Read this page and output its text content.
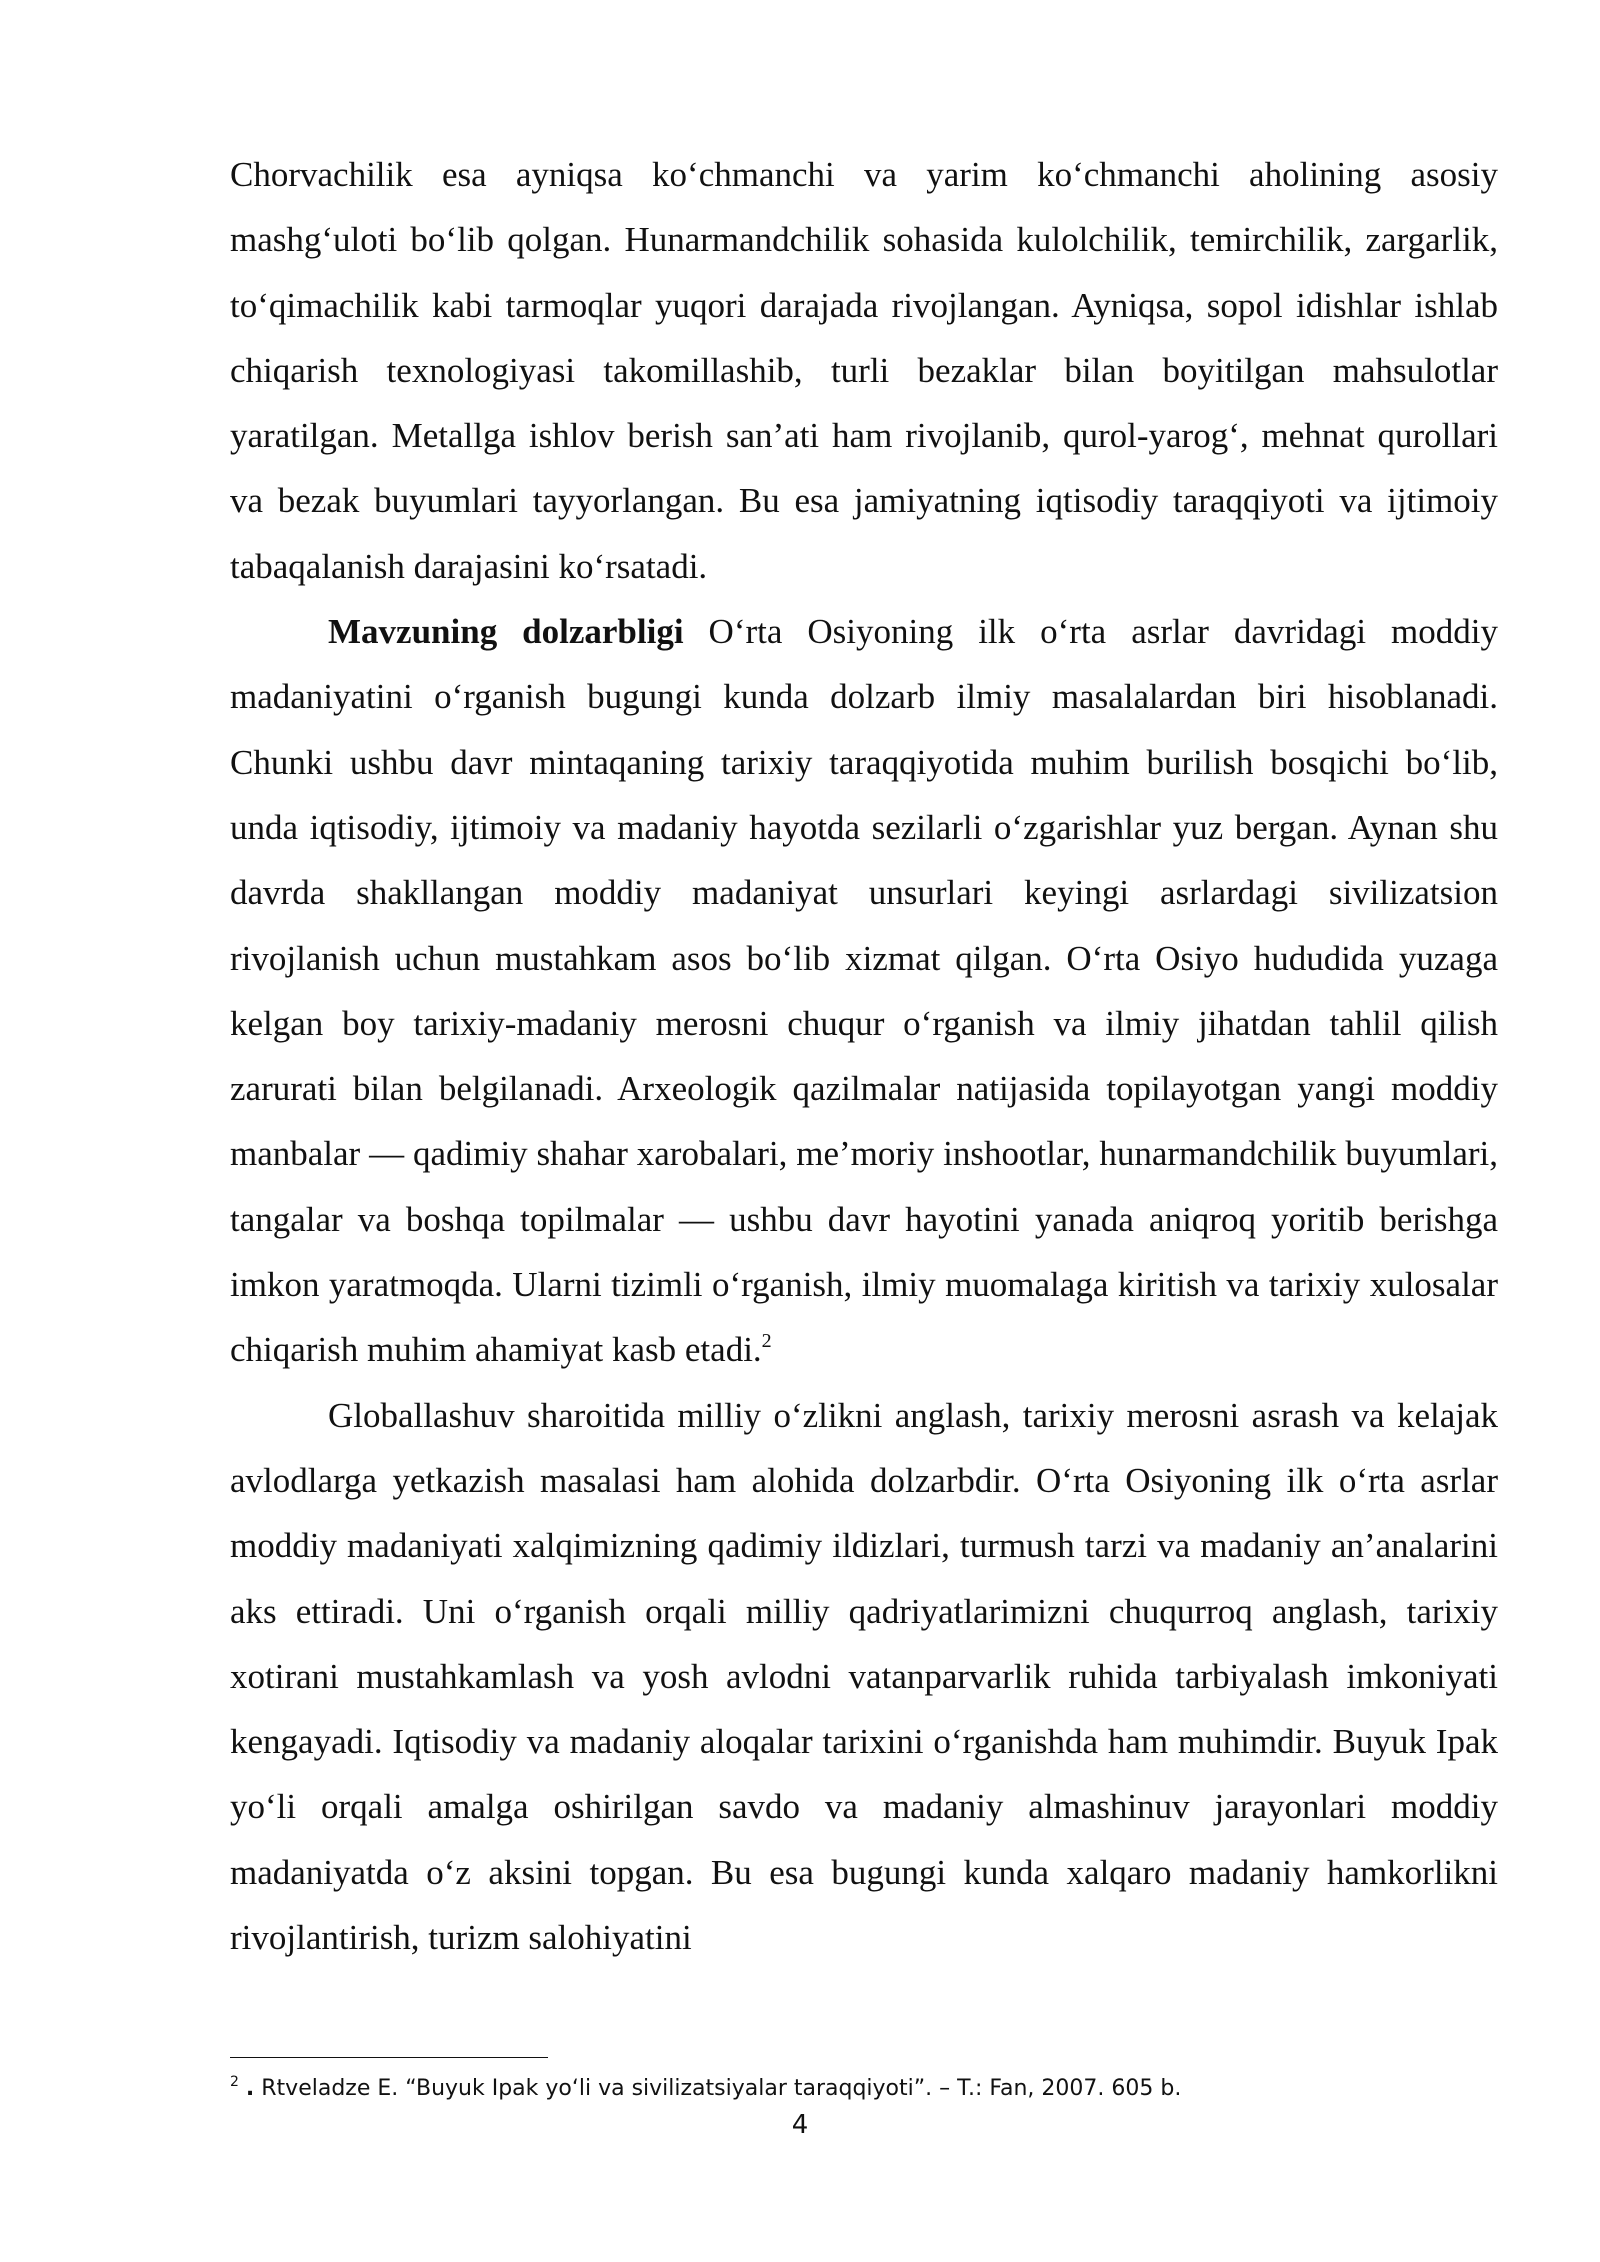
Chorvachilik esa ayniqsa ko‘chmanchi va yarim ko‘chmanchi aholining asosiy mashg‘uloti bo‘lib qolgan. Hunarmandchilik sohasida kulolchilik, temirchilik, zargarlik, to‘qimachilik kabi tarmoqlar yuqori darajada rivojlangan. Ayniqsa, sopol idishlar ishlab chiqarish texnologiyasi takomillashib, turli bezaklar bilan boyitilgan mahsulotlar yaratilgan. Metallga ishlov berish san’ati ham rivojlanib, qurol-yarog‘, mehnat qurollari va bezak buyumlari tayyorlangan. Bu esa jamiyatning iqtisodiy taraqqiyoti va ijtimoiy tabaqalanish darajasini ko‘rsatadi.

Mavzuning dolzarbligi O‘rta Osiyoning ilk o‘rta asrlar davridagi moddiy madaniyatini o‘rganish bugungi kunda dolzarb ilmiy masalalardan biri hisoblanadi. Chunki ushbu davr mintaqaning tarixiy taraqqiyotida muhim burilish bosqichi bo‘lib, unda iqtisodiy, ijtimoiy va madaniy hayotda sezilarli o‘zgarishlar yuz bergan. Aynan shu davrda shakllangan moddiy madaniyat unsurlari keyingi asrlardagi sivilizatsion rivojlanish uchun mustahkam asos bo‘lib xizmat qilgan. O‘rta Osiyo hududida yuzaga kelgan boy tarixiy-madaniy merosni chuqur o‘rganish va ilmiy jihatdan tahlil qilish zarurati bilan belgilanadi. Arxeologik qazilmalar natijasida topilayotgan yangi moddiy manbalar — qadimiy shahar xarobalari, me’moriy inshootlar, hunarmandchilik buyumlari, tangalar va boshqa topilmalar — ushbu davr hayotini yanada aniqroq yoritib berishga imkon yaratmoqda. Ularni tizimli o‘rganish, ilmiy muomalaga kiritish va tarixiy xulosalar chiqarish muhim ahamiyat kasb etadi.$^2$

Globallashuv sharoitida milliy o‘zlikni anglash, tarixiy merosni asrash va kelajak avlodlarga yetkazish masalasi ham alohida dolzarbdir. O‘rta Osiyoning ilk o‘rta asrlar moddiy madaniyati xalqimizning qadimiy ildizlari, turmush tarzi va madaniy an’analarini aks ettiradi. Uni o‘rganish orqali milliy qadriyatlarimizni chuqurroq anglash, tarixiy xotirani mustahkamlash va yosh avlodni vatanparvarlik ruhida tarbiyalash imkoniyati kengayadi. Iqtisodiy va madaniy aloqalar tarixini o‘rganishda ham muhimdir. Buyuk Ipak yo‘li orqali amalga oshirilgan savdo va madaniy almashinuv jarayonlari moddiy madaniyatda o‘z aksini topgan. Bu esa bugungi kunda xalqaro madaniy hamkorlikni rivojlantirish, turizm salohiyatini

$^2$ . Rtveladze E. “Buyuk Ipak yo‘li va sivilizatsiyalar taraqqiyoti”. – T.: Fan, 2007. 605 b.
4
